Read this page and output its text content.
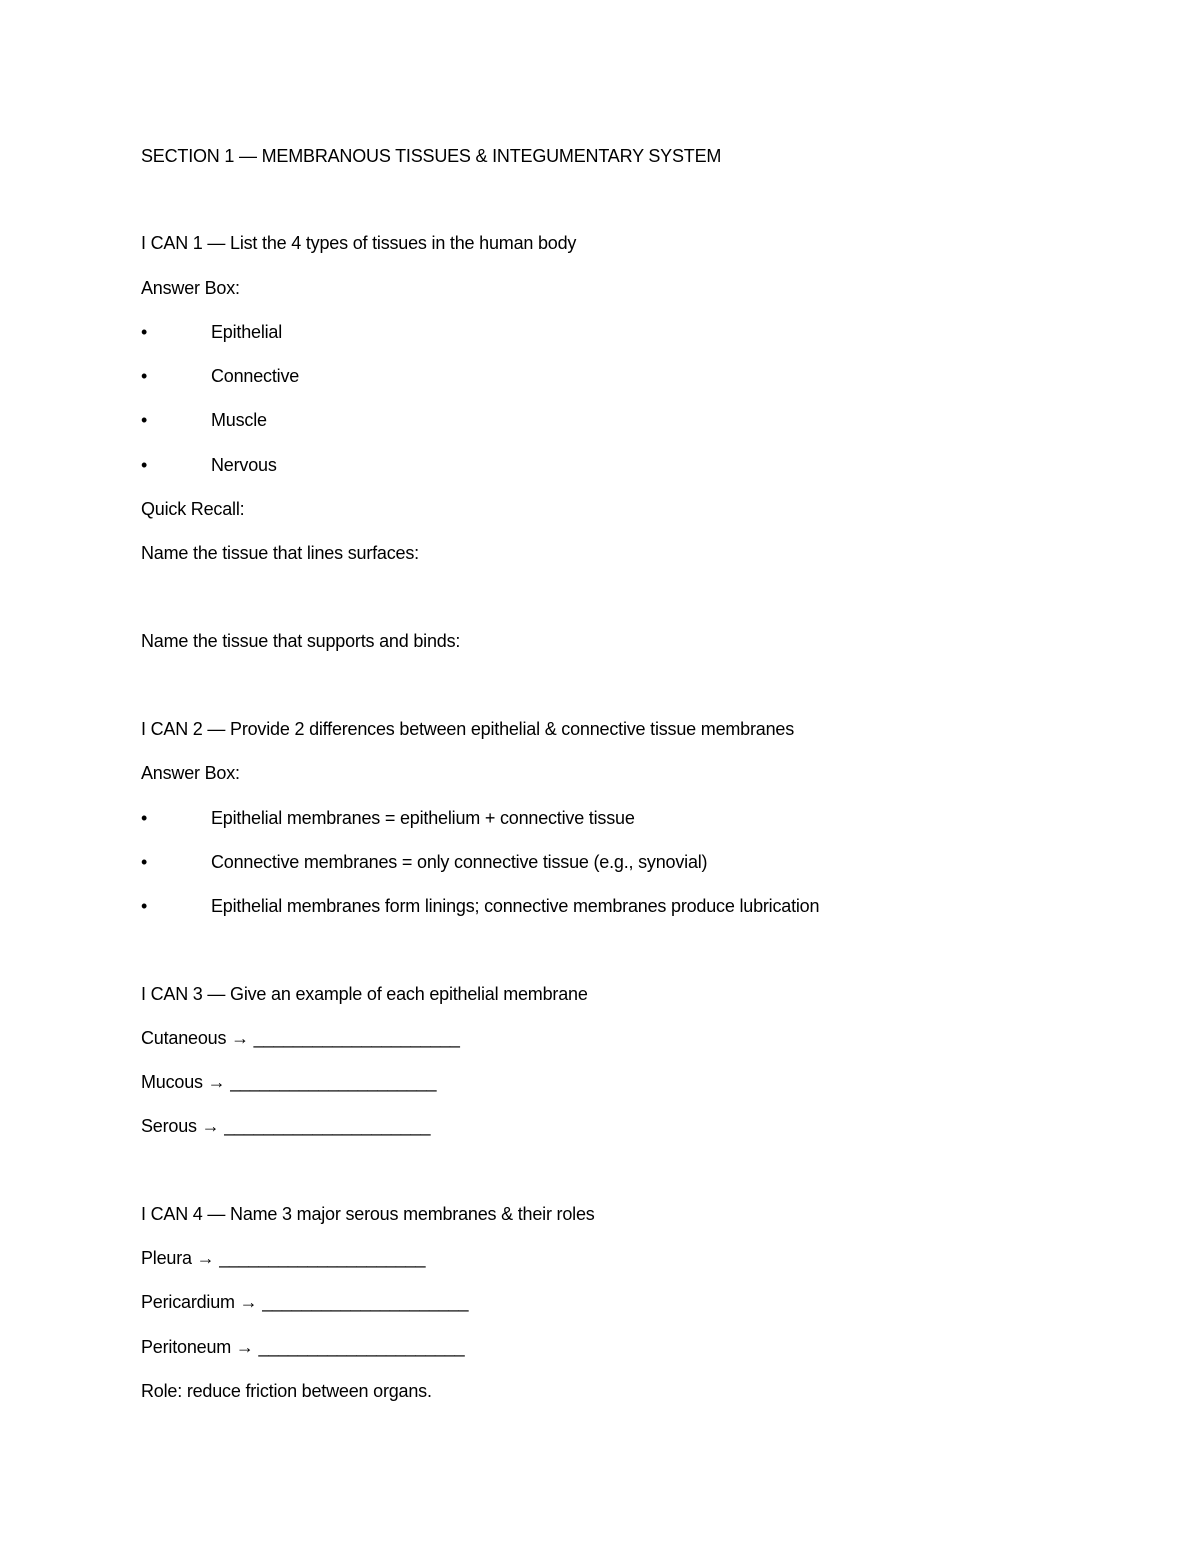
SECTION 1 — MEMBRANOUS TISSUES & INTEGUMENTARY SYSTEM
I CAN 1 — List the 4 types of tissues in the human body
Answer Box:
•	Epithelial
•	Connective
•	Muscle
•	Nervous
Quick Recall:
Name the tissue that lines surfaces:
Name the tissue that supports and binds:
I CAN 2 — Provide 2 differences between epithelial & connective tissue membranes
Answer Box:
•	Epithelial membranes = epithelium + connective tissue
•	Connective membranes = only connective tissue (e.g., synovial)
•	Epithelial membranes form linings; connective membranes produce lubrication
I CAN 3 — Give an example of each epithelial membrane
Cutaneous → _____________________
Mucous → _____________________
Serous → _____________________
I CAN 4 — Name 3 major serous membranes & their roles
Pleura → _____________________
Pericardium → _____________________
Peritoneum → _____________________
Role: reduce friction between organs.
